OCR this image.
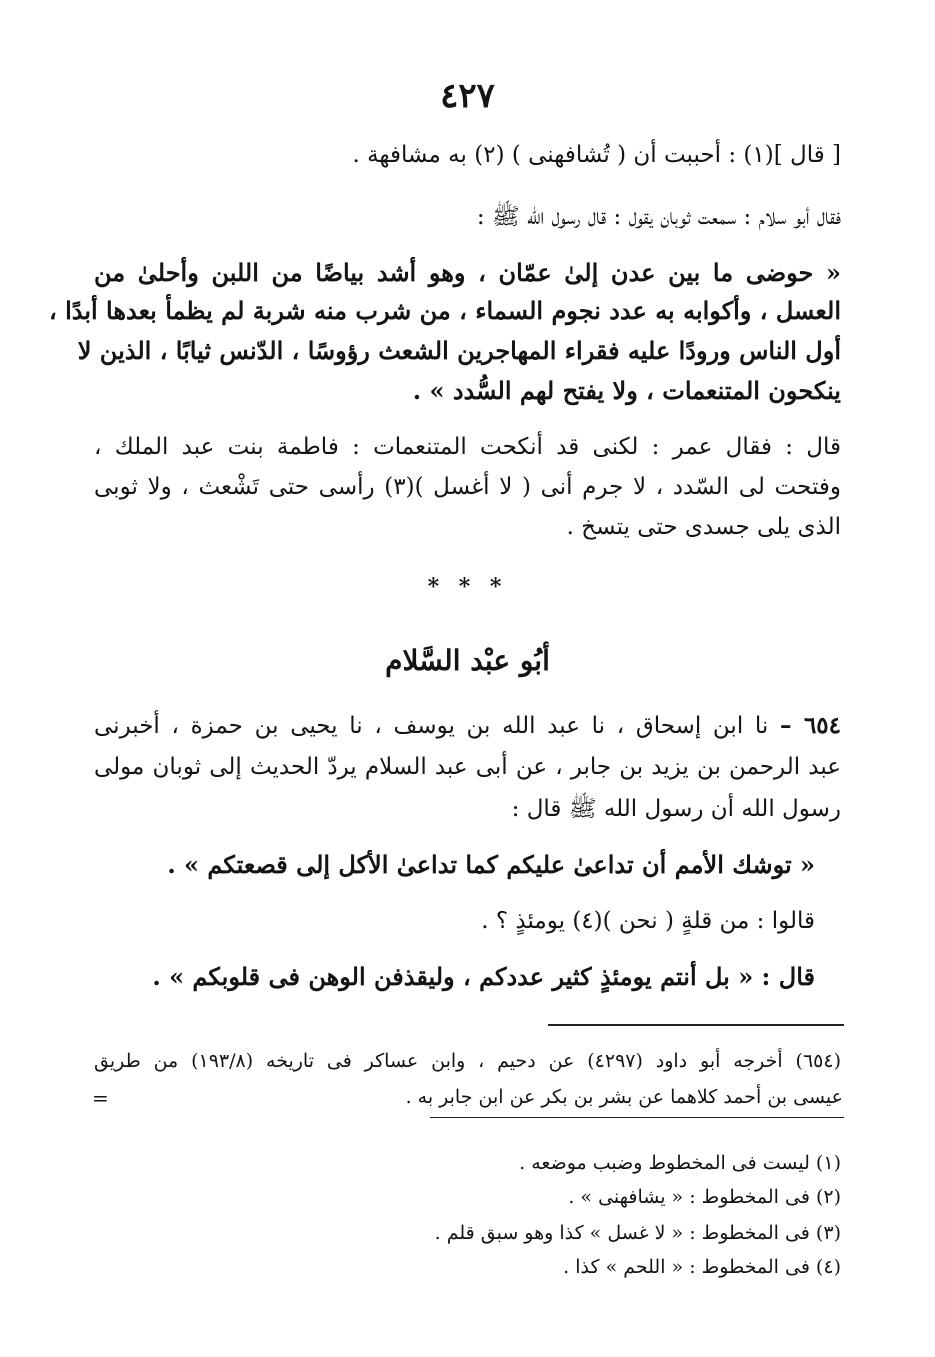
٤٢٧
[ قال ](١) : أحببت أن ( تُشافهنى ) (٢) به مشافهة .
فقال أبو سلام : سمعت ثوبان يقول : قال رسول الله ﷺ :
« حوضى ما بين عدن إلىٰ عمّان ، وهو أشد بياضًا من اللبن وأحلىٰ من
العسل ، وأكوابه به عدد نجوم السماء ، من شرب منه شربة لم يظمأ بعدها أبدًا ،
أول الناس ورودًا عليه فقراء المهاجرين الشعث رؤوسًا ، الدّنس ثيابًا ، الذين لا
ينكحون المتنعمات ، ولا يفتح لهم السُّدد » .
قال : فقال عمر : لكنى قد أنكحت المتنعمات : فاطمة بنت عبد الملك ،
وفتحت لى السّدد ، لا جرم أنى ( لا أغسل )(٣) رأسى حتى تَشْعث ، ولا ثوبى
الذى يلى جسدى حتى يتسخ .
* * *
أبُو عبْد السَّلام
٦٥٤ – نا ابن إسحاق ، نا عبد الله بن يوسف ، نا يحيى بن حمزة ، أخبرنى
عبد الرحمن بن يزيد بن جابر ، عن أبى عبد السلام يردّ الحديث إلى ثوبان مولى
رسول الله أن رسول الله ﷺ قال :
« توشك الأمم أن تداعىٰ عليكم كما تداعىٰ الأكل إلى قصعتكم » .
قالوا : من قلةٍ ( نحن )(٤) يومئذٍ ؟ .
قال : « بل أنتم يومئذٍ كثير عددكم ، وليقذفن الوهن فى قلوبكم » .
(٦٥٤) أخرجه أبو داود (٤٢٩٧) عن دحيم ، وابن عساكر فى تاريخه (١٩٣/٨) من طريق
عيسى بن أحمد كلاهما عن بشر بن بكر عن ابن جابر به .
=
(١) ليست فى المخطوط وضبب موضعه .
(٢) فى المخطوط : « يشافهنى » .
(٣) فى المخطوط : « لا غسل » كذا وهو سبق قلم .
(٤) فى المخطوط : « اللحم » كذا .
